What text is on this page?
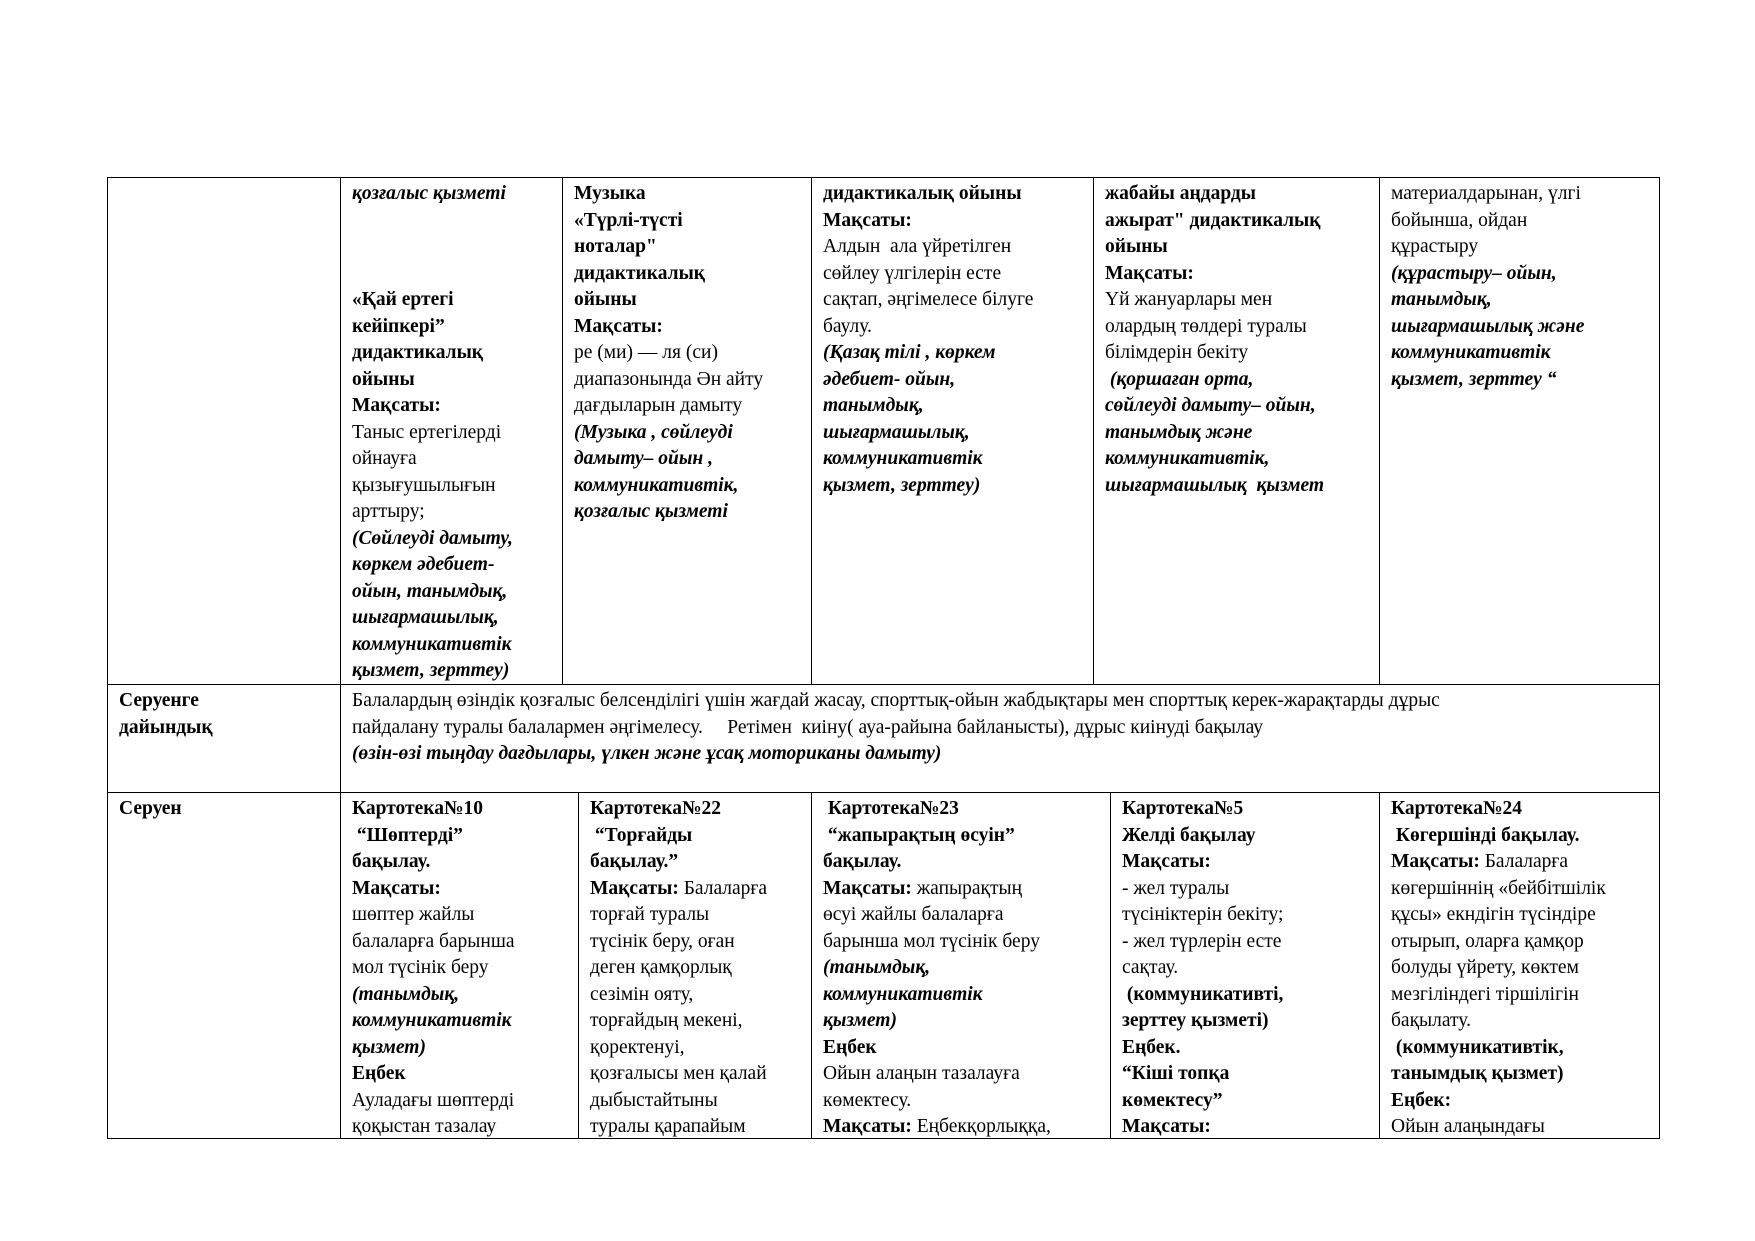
қозғалыс қызметі

«Қай ертегі
кейіпкері”
дидактикалық
ойыны
Мақсаты:
Таныс ертегілерді
ойнауға
қызығушылығын
арттыру;
(Сөйлеуді дамыту,
көркем әдебиет-
ойын, танымдық,
шығармашылық,
коммуникативтік
қызмет, зерттеу)
Музыка
«Түрлі-түсті
ноталар"
дидактикалық
ойыны
Мақсаты:
ре (ми) — ля (си)
диапазонында Ән айту
дағдыларын дамыту
(Музыка , сөйлеуді
дамыту– ойын ,
коммуникативтік,
қозғалыс қызметі
дидактикалық ойыны
Мақсаты:
Алдын  ала үйретілген
сөйлеу үлгілерін есте
сақтап, әңгімелесе білуге
баулу.
(Қазақ тілі , көркем
әдебиет- ойын,
танымдық,
шығармашылық,
коммуникативтік
қызмет, зерттеу)
жабайы аңдарды
ажырат" дидактикалық
ойыны
Мақсаты:
Үй жануарлары мен
олардың төлдері туралы
білімдерін бекіту
(қоршаған орта,
сөйлеуді дамыту– ойын,
танымдық және
коммуникативтік,
шығармашылық  қызмет
материалдарынан, үлгі
бойынша, ойдан
құрастыру
(құрастыру– ойын,
танымдық,
шығармашылық және
коммуникативтік
қызмет, зерттеу “
Серуенге
дайындық
Балалардың өзіндік қозғалыс белсенділігі үшін жағдай жасау, спорттық-ойын жабдықтары мен спорттық керек-жарақтарды дұрыс
пайдалану туралы балалармен әңгімелесу.     Ретімен  киіну( ауа-райына байланысты), дұрыс киінуді бақылау
(өзін-өзі тыңдау дағдылары, үлкен және ұсақ моториканы дамыту)
Серуен	Картотека№10
“Шөптерді”
бақылау.
Мақсаты:
шөптер жайлы
балаларға барынша
мол түсінік беру
(танымдық,
коммуникативтік
қызмет)
Еңбек
Ауладағы шөптерді
қоқыстан тазалау
Картотека№22
“Торғайды
бақылау.”
Мақсаты: Балаларға
торғай туралы
түсінік беру, оған
деген қамқорлық
сезімін ояту,
торғайдың мекені,
қоректенуі,
қозғалысы мен қалай
дыбыстайтыны
туралы қарапайым
Картотека№23
“жапырақтың өсуін”
бақылау.
Мақсаты: жапырақтың
өсуі жайлы балаларға
барынша мол түсінік беру
(танымдық,
коммуникативтік
қызмет)
Еңбек
Ойын алаңын тазалауға
көмектесу.
Мақсаты: Еңбекқорлыққа,
Картотека№5
Желді бақылау
Мақсаты:
- жел туралы
түсініктерін бекіту;
- жел түрлерін есте
сақтау.
(коммуникативті,
зерттеу қызметі)
Еңбек.
“Кіші топқа
көмектесу”
Мақсаты:
Картотека№24
Көгершінді бақылау.
Мақсаты: Балаларға
көгершіннің «бейбітшілік
құсы» екндігін түсіндіре
отырып, оларға қамқор
болуды үйрету, көктем
мезгіліндегі тіршілігін
бақылату.
(коммуникативтік,
танымдық қызмет)
Еңбек:
Ойын алаңындағы
